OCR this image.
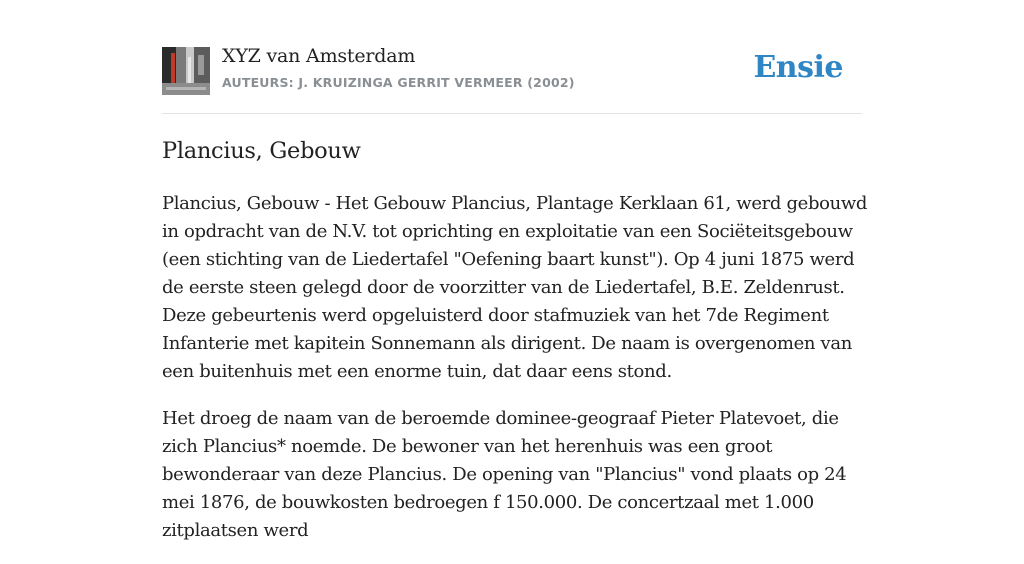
XYZ van Amsterdam
AUTEURS: J. KRUIZINGA GERRIT VERMEER (2002)	Ensie
Plancius, Gebouw

Plancius, Gebouw - Het Gebouw Plancius, Plantage Kerklaan 61, werd gebouwd in opdracht van de N.V. tot oprichting en exploitatie van een Sociëteitsgebouw (een stichting van de Liedertafel "Oefening baart kunst"). Op 4 juni 1875 werd de eerste steen gelegd door de voorzitter van de Liedertafel, B.E. Zeldenrust. Deze gebeurtenis werd opgeluisterd door stafmuziek van het 7de Regiment Infanterie met kapitein Sonnemann als dirigent. De naam is overgenomen van een buitenhuis met een enorme tuin, dat daar eens stond.

Het droeg de naam van de beroemde dominee-geograaf Pieter Platevoet, die zich Plancius* noemde. De bewoner van het herenhuis was een groot bewonderaar van deze Plancius. De opening van "Plancius" vond plaats op 24 mei 1876, de bouwkosten bedroegen f 150.000. De concertzaal met 1.000 zitplaatsen werd
